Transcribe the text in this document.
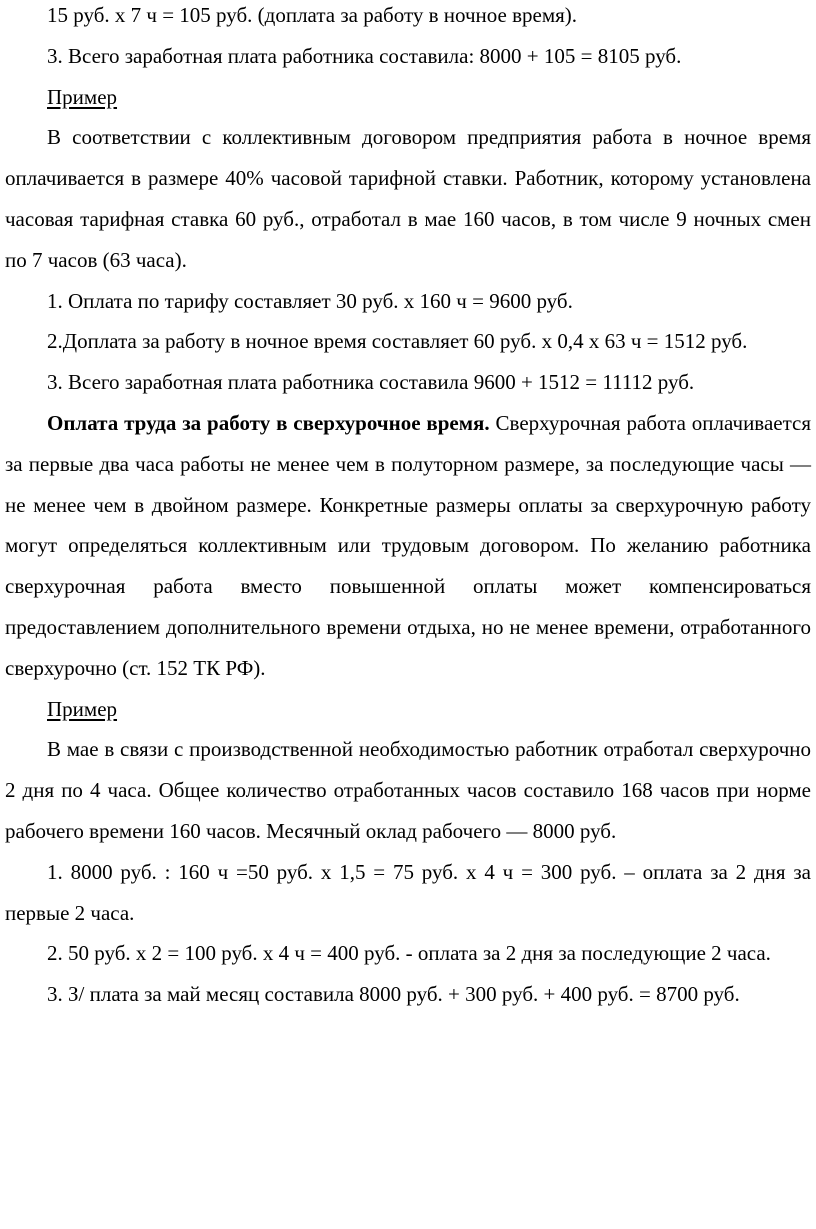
15 руб. х 7 ч = 105 руб. (доплата за работу в ночное время).

3. Всего заработная плата работника составила: 8000 + 105 = 8105 руб.

Пример

В соответствии с коллективным договором предприятия работа в ночное время оплачивается в размере 40% часовой тарифной ставки. Работник, которому установлена часовая тарифная ставка 60 руб., отработал в мае 160 часов, в том числе 9 ночных смен по 7 часов (63 часа).

1. Оплата по тарифу составляет 30 руб. х 160 ч = 9600 руб.

2.Доплата за работу в ночное время составляет 60 руб. х 0,4 х 63 ч = 1512 руб.

3. Всего заработная плата работника составила 9600 + 1512 = 11112 руб.

Оплата труда за работу в сверхурочное время. Сверхурочная работа оплачивается за первые два часа работы не менее чем в полуторном размере, за последующие часы — не менее чем в двойном размере. Конкретные размеры оплаты за сверхурочную работу могут определяться коллективным или трудовым договором. По желанию работника сверхурочная работа вместо повышенной оплаты может компенсироваться предоставлением дополнительного времени отдыха, но не менее времени, отработанного сверхурочно (ст. 152 ТК РФ).

Пример

В мае в связи с производственной необходимостью работник отработал сверхурочно 2 дня по 4 часа. Общее количество отработанных часов составило 168 часов при норме рабочего времени 160 часов. Месячный оклад рабочего — 8000 руб.

1. 8000 руб. : 160 ч =50 руб. х 1,5 = 75 руб. х 4 ч = 300 руб. – оплата за 2 дня за первые 2 часа.

2. 50 руб. х 2 = 100 руб. х 4 ч = 400 руб. - оплата за 2 дня за последующие 2 часа.

3. З/ плата за май месяц составила 8000 руб. + 300 руб. + 400 руб. = 8700 руб.
